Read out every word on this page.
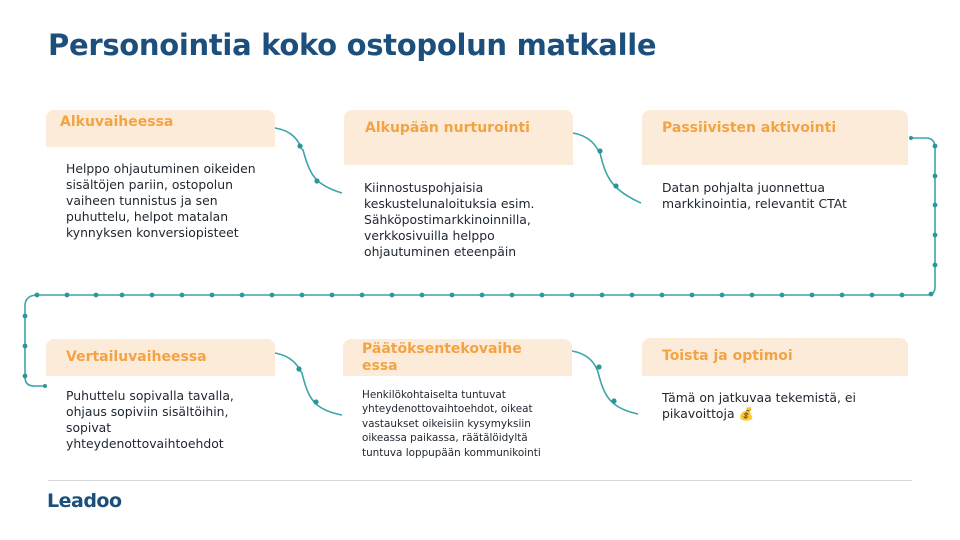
Personointia koko ostopolun matkalle
Alkuvaiheessa
Helppo ohjautuminen oikeiden sisältöjen pariin, ostopolun vaiheen tunnistus ja sen puhuttelu, helpot matalan kynnyksen konversiopisteet
Alkupään nurturointi
Kiinnostuspohjaisia keskustelunaloituksia esim. Sähköpostimarkkinoinnilla, verkkosivuilla helppo ohjautuminen eteenpäin
Passiivisten aktivointi
Datan pohjalta juonnettua markkinointia, relevantit CTAt
Vertailuvaiheessa
Puhuttelu sopivalla tavalla, ohjaus sopiviin sisältöihin, sopivat yhteydenottovaihtoehdot
Päätöksentekovaihe essa
Henkilökohtaiselta tuntuvat yhteydenottovaihtoehdot, oikeat vastaukset oikeisiin kysymyksiin oikeassa paikassa, räätälöidyltä tuntuva loppupään kommunikointi
Toista ja optimoi
Tämä on jatkuvaa tekemistä, ei pikavoittoja 💰
Leadoo
